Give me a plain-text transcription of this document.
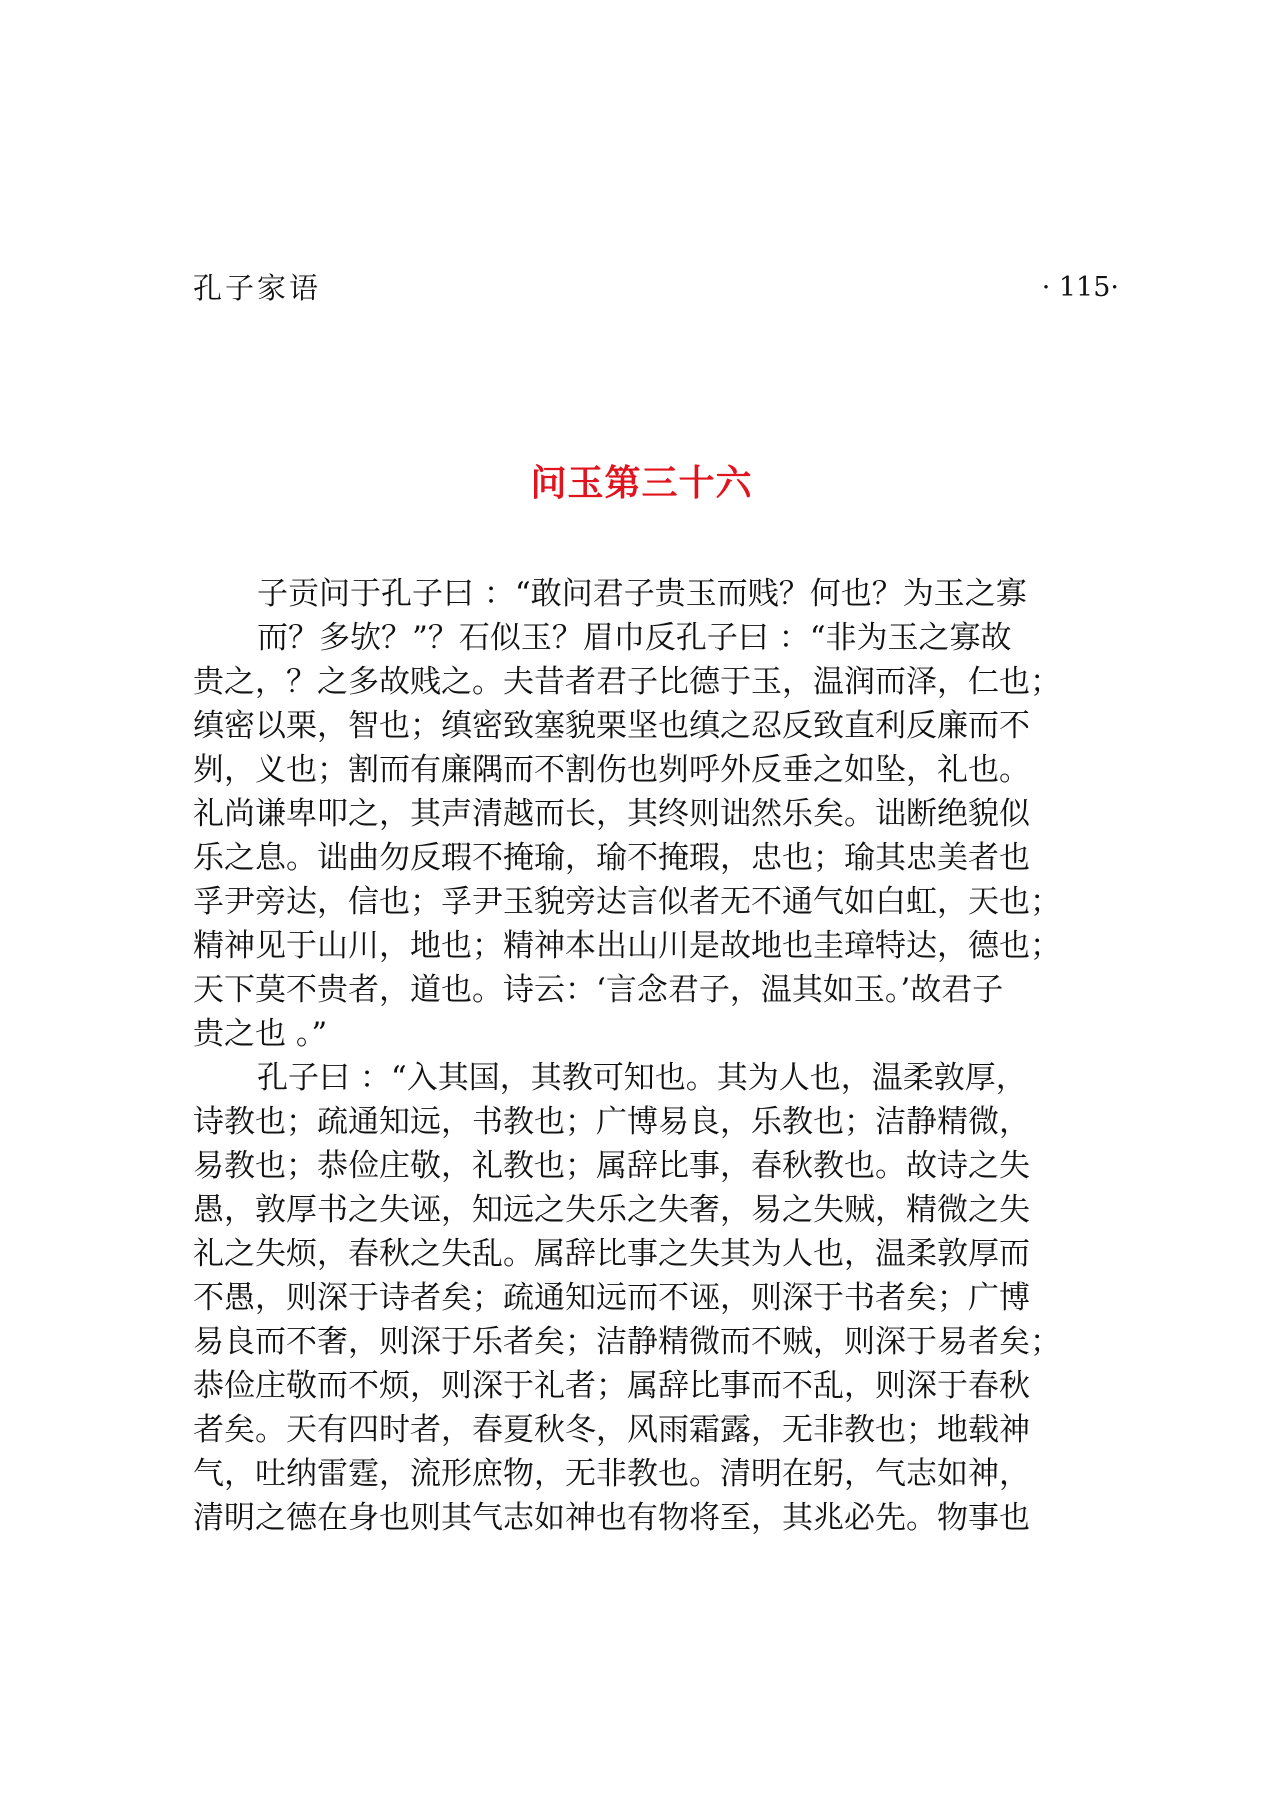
孔子家语	· 115·
问玉第三十六
子贡问于孔子曰 ：“敢问君子贵玉而贱？何也？为玉之寡
而？多欤？”？石似玉？眉巾反孔子曰 ：“非为玉之寡故
贵之，？之多故贱之。夫昔者君子比德于玉，温润而泽，仁也；
缜密以栗，智也；缜密致塞貌栗坚也缜之忍反致直利反廉而不
刿，义也；割而有廉隅而不割伤也刿呼外反垂之如坠，礼也。
礼尚谦卑叩之，其声清越而长，其终则诎然乐矣。诎断绝貌似
乐之息。诎曲勿反瑕不掩瑜，瑜不掩瑕，忠也；瑜其忠美者也
孚尹旁达，信也；孚尹玉貌旁达言似者无不通气如白虹，天也；
精神见于山川，地也；精神本出山川是故地也圭璋特达，德也；
天下莫不贵者，道也。诗云：‘言念君子，温其如玉。’故君子
贵之也 。”
孔子曰 ：“入其国，其教可知也。其为人也，温柔敦厚，
诗教也；疏通知远，书教也；广博易良，乐教也；洁静精微，
易教也；恭俭庄敬，礼教也；属辞比事，春秋教也。故诗之失
愚，敦厚书之失诬，知远之失乐之失奢，易之失贼，精微之失
礼之失烦，春秋之失乱。属辞比事之失其为人也，温柔敦厚而
不愚，则深于诗者矣；疏通知远而不诬，则深于书者矣；广博
易良而不奢，则深于乐者矣；洁静精微而不贼，则深于易者矣；
恭俭庄敬而不烦，则深于礼者；属辞比事而不乱，则深于春秋
者矣。天有四时者，春夏秋冬，风雨霜露，无非教也；地载神
气，吐纳雷霆，流形庶物，无非教也。清明在躬，气志如神，
清明之德在身也则其气志如神也有物将至，其兆必先。物事也
